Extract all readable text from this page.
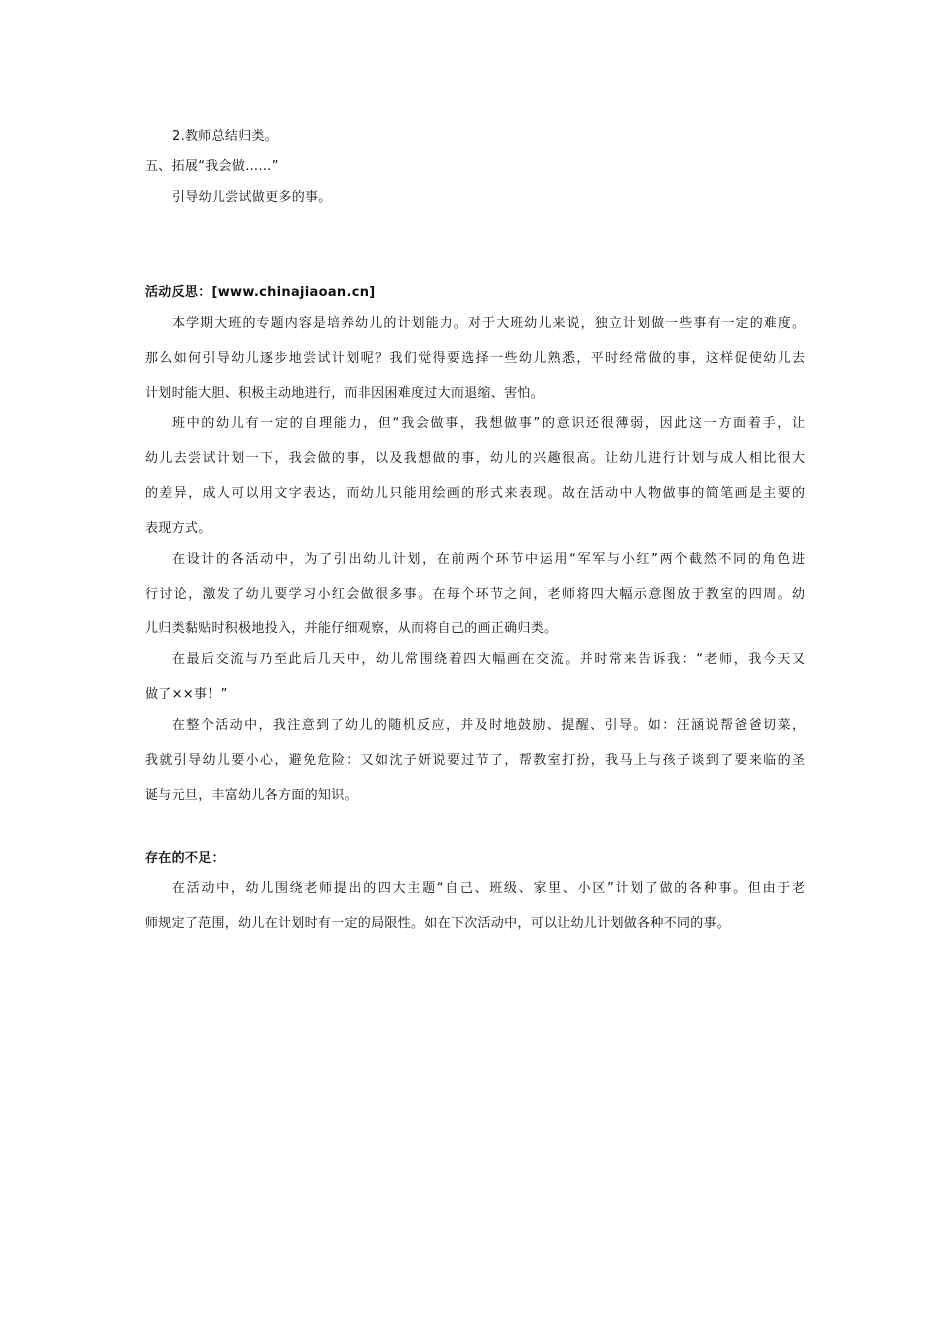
2.教师总结归类。
五、拓展“我会做……”
引导幼儿尝试做更多的事。
活动反思：[www.chinajiaoan.cn]
本学期大班的专题内容是培养幼儿的计划能力。对于大班幼儿来说，独立计划做一些事有一定的难度。
那么如何引导幼儿逐步地尝试计划呢？我们觉得要选择一些幼儿熟悉，平时经常做的事，这样促使幼儿去
计划时能大胆、积极主动地进行，而非因困难度过大而退缩、害怕。
班中的幼儿有一定的自理能力，但“我会做事，我想做事”的意识还很薄弱，因此这一方面着手，让
幼儿去尝试计划一下，我会做的事，以及我想做的事，幼儿的兴趣很高。让幼儿进行计划与成人相比很大
的差异，成人可以用文字表达，而幼儿只能用绘画的形式来表现。故在活动中人物做事的简笔画是主要的
表现方式。
在设计的各活动中，为了引出幼儿计划，在前两个环节中运用“军军与小红”两个截然不同的角色进
行讨论，激发了幼儿要学习小红会做很多事。在每个环节之间，老师将四大幅示意图放于教室的四周。幼
儿归类黏贴时积极地投入，并能仔细观察，从而将自己的画正确归类。
在最后交流与乃至此后几天中，幼儿常围绕着四大幅画在交流。并时常来告诉我：“老师，我今天又
做了××事！”
在整个活动中，我注意到了幼儿的随机反应，并及时地鼓励、提醒、引导。如：汪涵说帮爸爸切菜，
我就引导幼儿要小心，避免危险：又如沈子妍说要过节了，帮教室打扮，我马上与孩子谈到了要来临的圣
诞与元旦，丰富幼儿各方面的知识。
存在的不足：
在活动中，幼儿围绕老师提出的四大主题“自己、班级、家里、小区”计划了做的各种事。但由于老
师规定了范围，幼儿在计划时有一定的局限性。如在下次活动中，可以让幼儿计划做各种不同的事。
